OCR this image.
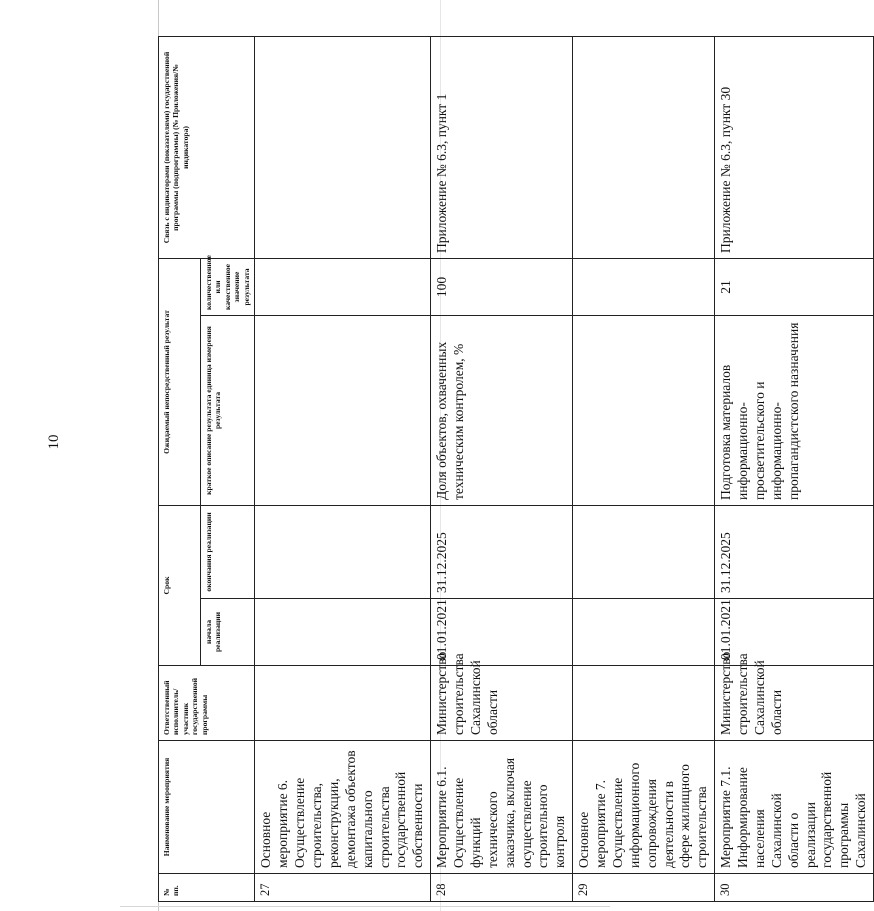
10
№ пп.	Наименование мероприятия	Ответственный исполнитель/участник государственной программы	Срок		Ожидаемый непосредственный результат		Связь с индикаторами (показателями) государственной программы (подпрограммы) (№ Приложения/№ индикатора)
			начала реализации	окончания реализации	краткое описание результата единица измерения результата	количественное или качественное значение результата	
27	Основное мероприятие 6. Осуществление строительства, реконструкции, демонтажа объектов капитального строительства государственной собственности						
28	Мероприятие 6.1. Осуществление функций технического заказчика, включая осуществление строительного контроля	Министерство строительства Сахалинской области	01.01.2021	31.12.2025	Доля объектов, охваченных техническим контролем, %	100	Приложение № 6.3, пункт 1
29	Основное мероприятие 7. Осуществление информационного сопровождения деятельности в сфере жилищного строительства						
30	Мероприятие 7.1. Информирование населения Сахалинской области о реализации государственной программы Сахалинской	Министерство строительства Сахалинской области	01.01.2021	31.12.2025	Подготовка материалов информационно-просветительского и информационно-пропагандистского назначения	21	Приложение № 6.3, пункт 30
